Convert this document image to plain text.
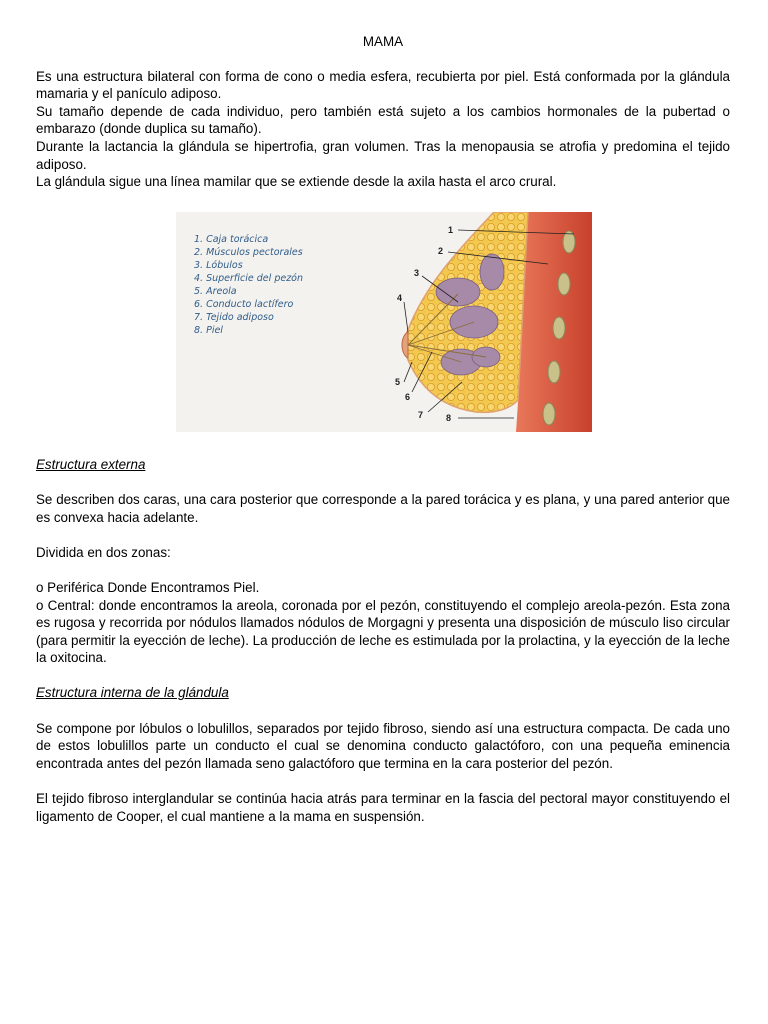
MAMA

Es una estructura bilateral con forma de cono o media esfera, recubierta por piel. Está conformada por la glándula mamaria y el panículo adiposo.

Su tamaño depende de cada individuo, pero también está sujeto a los cambios hormonales de la pubertad o embarazo (donde duplica su tamaño).

Durante la lactancia la glándula se hipertrofia, gran volumen. Tras la menopausia se atrofia y predomina el tejido adiposo.

La glándula sigue una línea mamilar que se extiende desde la axila hasta el arco crural.

Estructura externa

Se describen dos caras, una cara posterior que corresponde a la pared torácica y es plana, y una pared anterior que es convexa hacia adelante.

Dividida en dos zonas:

o Periférica Donde Encontramos Piel.

o Central: donde encontramos la areola, coronada por el pezón, constituyendo el complejo areola-pezón. Esta zona es rugosa y recorrida por nódulos llamados nódulos de Morgagni y presenta una disposición de músculo liso circular (para permitir la eyección de leche). La producción de leche es estimulada por la prolactina, y la eyección de la leche la oxitocina.

Estructura interna de la glándula

Se compone por lóbulos o lobulillos, separados por tejido fibroso, siendo así una estructura compacta. De cada uno de estos lobulillos parte un conducto el cual se denomina conducto galactóforo, con una pequeña eminencia encontrada antes del pezón llamada seno galactóforo que termina en la cara posterior del pezón.

El tejido fibroso interglandular se continúa hacia atrás para terminar en la fascia del pectoral mayor constituyendo el ligamento de Cooper, el cual mantiene a la mama en suspensión.

1. Caja torácica
2. Músculos pectorales
3. Lóbulos
4. Superficie del pezón
5. Areola
6. Conducto lactífero
7. Tejido adiposo
8. Piel
1
2
3
4
5
6
7	8
